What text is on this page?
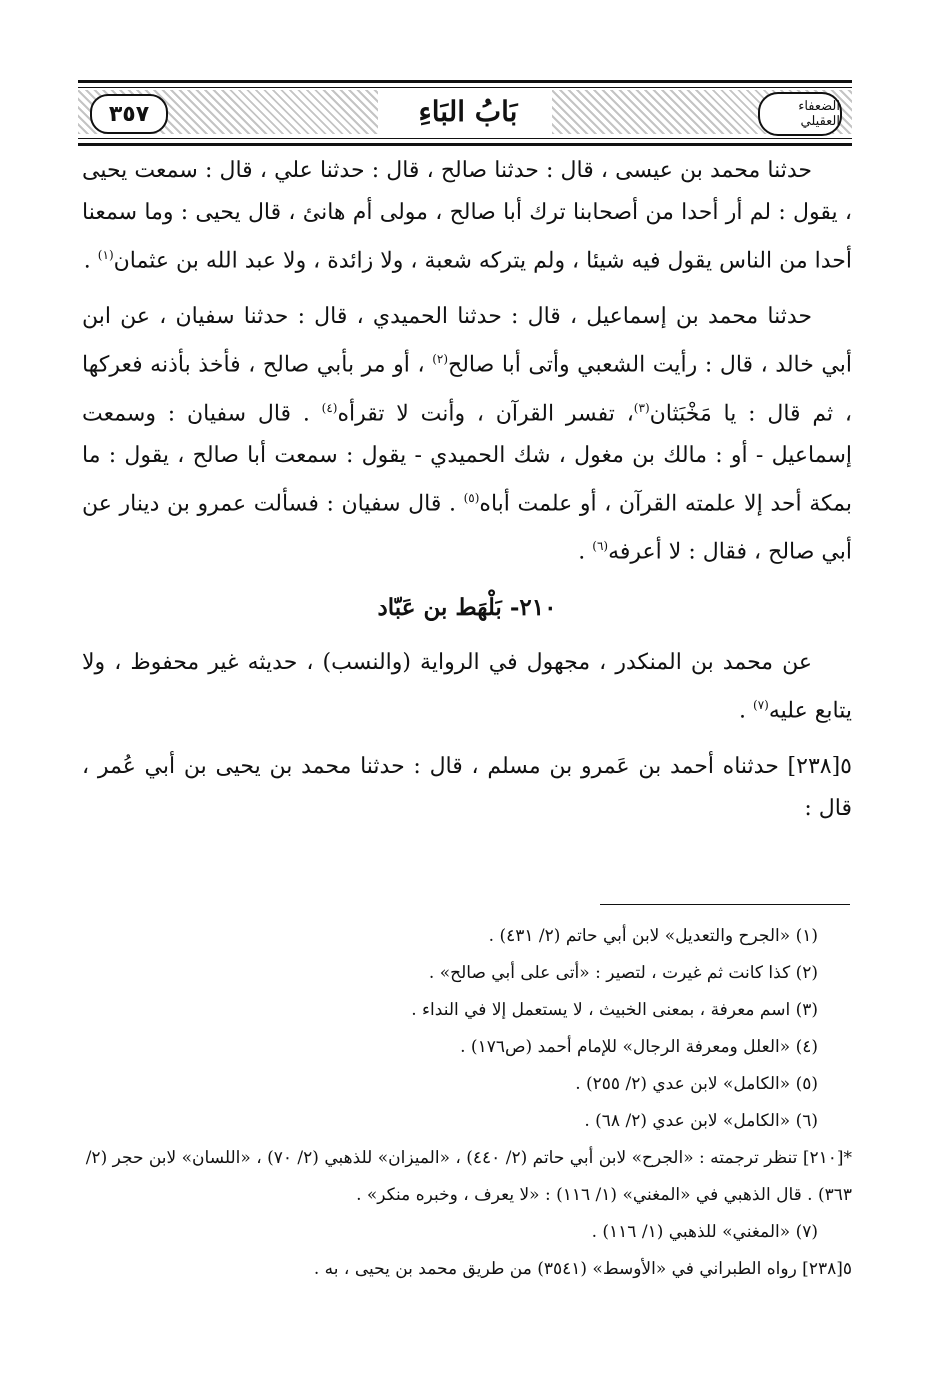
٣٥٧	بَابُ البَاءِ	الضعفاء العقيلي

حدثنا محمد بن عيسى ، قال : حدثنا صالح ، قال : حدثنا علي ، قال : سمعت يحيى ، يقول : لم أر أحدا من أصحابنا ترك أبا صالح ، مولى أم هانئ ، قال يحيى : وما سمعنا أحدا من الناس يقول فيه شيئا ، ولم يتركه شعبة ، ولا زائدة ، ولا عبد الله بن عثمان$^{(١)}$ .

حدثنا محمد بن إسماعيل ، قال : حدثنا الحميدي ، قال : حدثنا سفيان ، عن ابن أبي خالد ، قال : رأيت الشعبي وأتى أبا صالح$^{(٢)}$ ، أو مر بأبي صالح ، فأخذ بأذنه فعركها ، ثم قال : يا مَخْبَثان$^{(٣)}$، تفسر القرآن ، وأنت لا تقرأه$^{(٤)}$ . قال سفيان : وسمعت إسماعيل - أو : مالك بن مغول ، شك الحميدي - يقول : سمعت أبا صالح ، يقول : ما بمكة أحد إلا علمته القرآن ، أو علمت أباه$^{(٥)}$ . قال سفيان : فسألت عمرو بن دينار عن أبي صالح ، فقال : لا أعرفه$^{(٦)}$ .

٢١٠- بَلْهَط بن عَبّاد

عن محمد بن المنكدر ، مجهول في الرواية (والنسب) ، حديثه غير محفوظ ، ولا يتابع عليه$^{(٧)}$ .

٥[٢٣٨] حدثناه أحمد بن عَمرو بن مسلم ، قال : حدثنا محمد بن يحيى بن أبي عُمر ، قال :

(١) «الجرح والتعديل» لابن أبي حاتم (٢/ ٤٣١) .

(٢) كذا كانت ثم غيرت ، لتصير : «أتى على أبي صالح» .

(٣) اسم معرفة ، بمعنى الخبيث ، لا يستعمل إلا في النداء .

(٤) «العلل ومعرفة الرجال» للإمام أحمد (ص١٧٦) .

(٥) «الكامل» لابن عدي (٢/ ٢٥٥) .

(٦) «الكامل» لابن عدي (٢/ ٦٨) .

*[٢١٠] تنظر ترجمته : «الجرح» لابن أبي حاتم (٢/ ٤٤٠) ، «الميزان» للذهبي (٢/ ٧٠) ، «اللسان» لابن حجر (٢/ ٣٦٣) . قال الذهبي في «المغني» (١/ ١١٦) : «لا يعرف ، وخبره منكر» .

(٧) «المغني» للذهبي (١/ ١١٦) .

٥[٢٣٨] رواه الطبراني في «الأوسط» (٣٥٤١) من طريق محمد بن يحيى ، به .
